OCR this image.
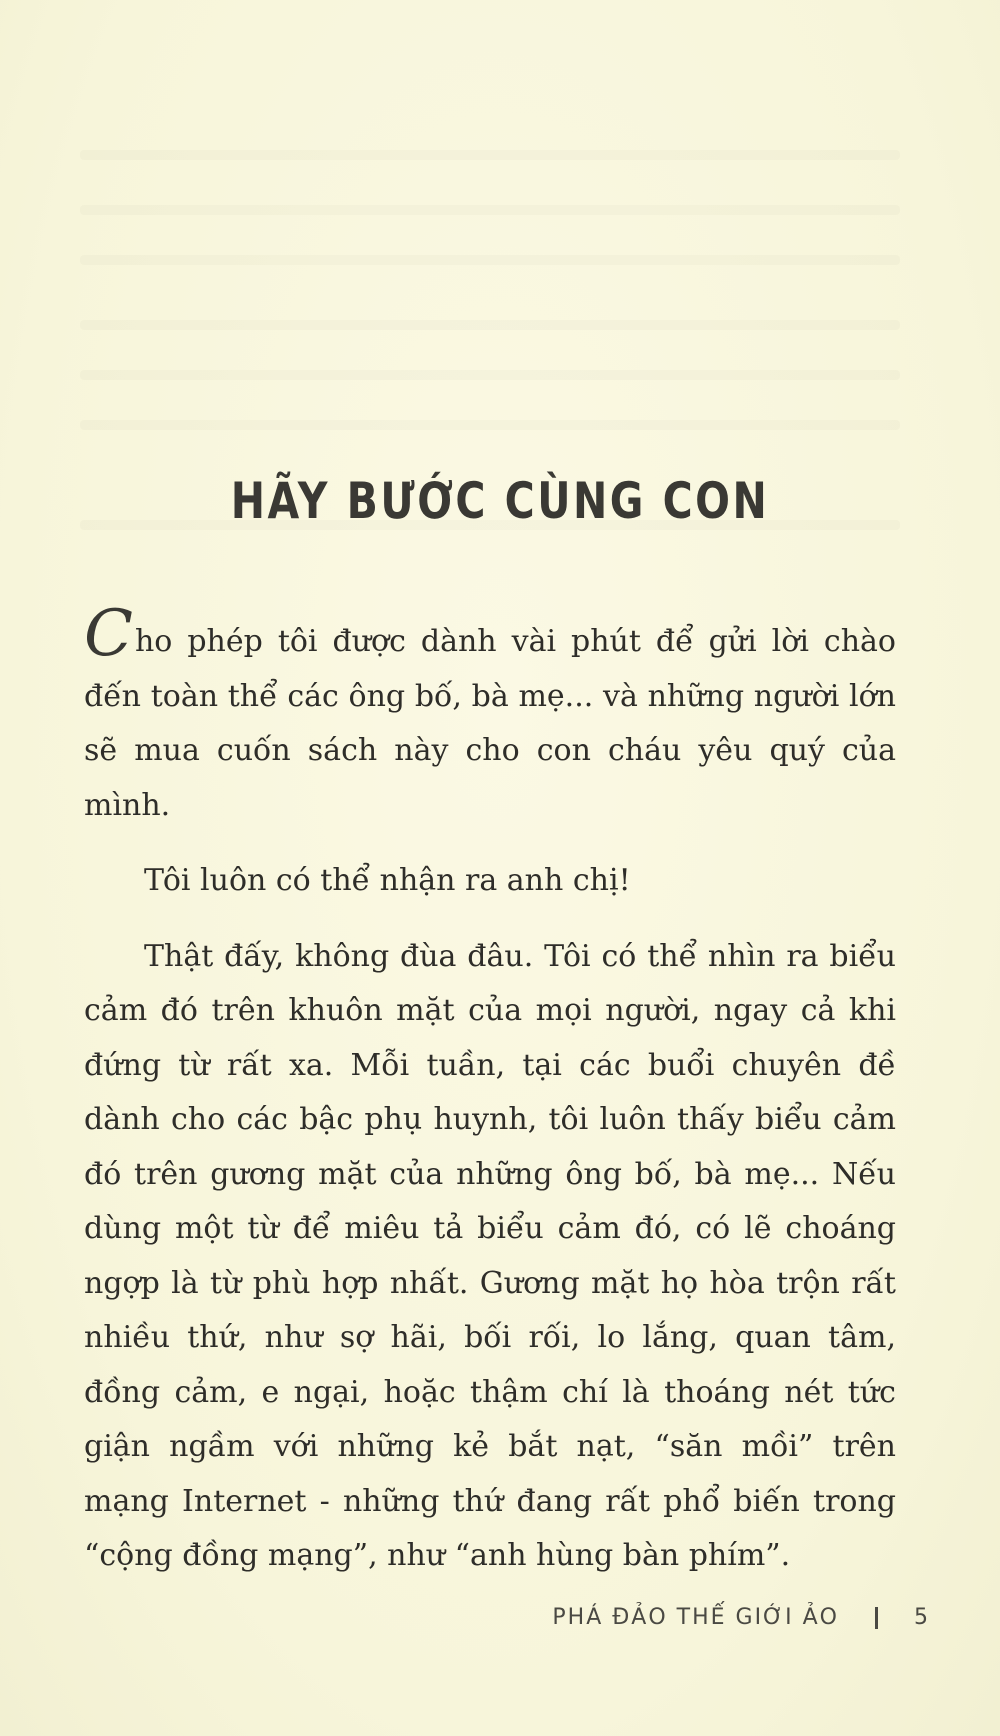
HÃY BƯỚC CÙNG CON

Cho phép tôi được dành vài phút để gửi lời chào đến toàn thể các ông bố, bà mẹ... và những người lớn sẽ mua cuốn sách này cho con cháu yêu quý của mình.

Tôi luôn có thể nhận ra anh chị!

Thật đấy, không đùa đâu. Tôi có thể nhìn ra biểu cảm đó trên khuôn mặt của mọi người, ngay cả khi đứng từ rất xa. Mỗi tuần, tại các buổi chuyên đề dành cho các bậc phụ huynh, tôi luôn thấy biểu cảm đó trên gương mặt của những ông bố, bà mẹ... Nếu dùng một từ để miêu tả biểu cảm đó, có lẽ choáng ngợp là từ phù hợp nhất. Gương mặt họ hòa trộn rất nhiều thứ, như sợ hãi, bối rối, lo lắng, quan tâm, đồng cảm, e ngại, hoặc thậm chí là thoáng nét tức giận ngầm với những kẻ bắt nạt, “săn mồi” trên mạng Internet - những thứ đang rất phổ biến trong “cộng đồng mạng”, như “anh hùng bàn phím”.

PHÁ ĐẢO THẾ GIỚI ẢO	5
